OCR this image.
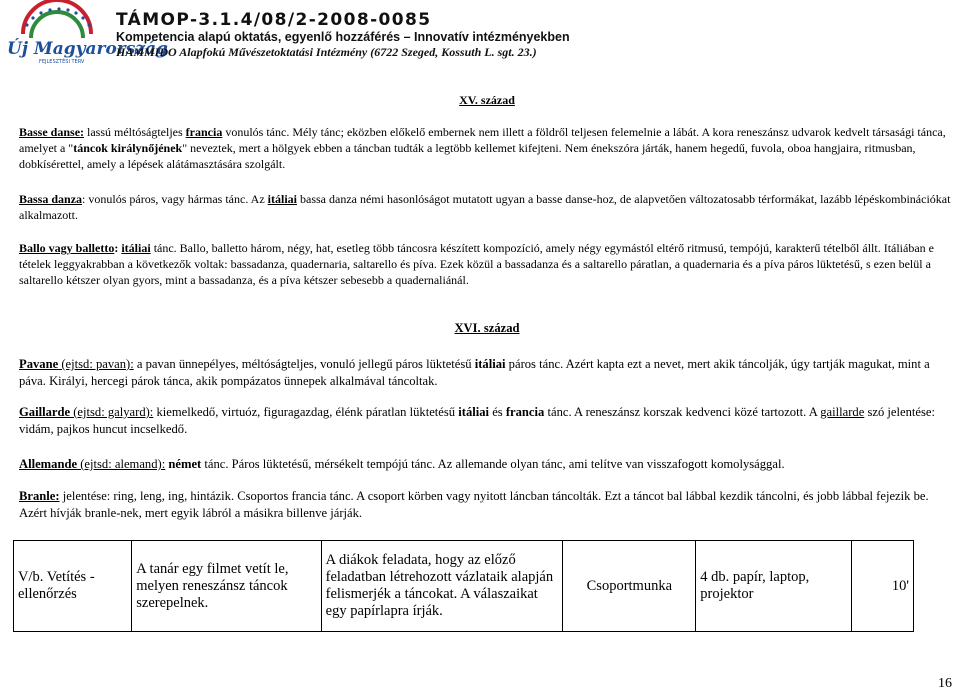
Új Magyarország
FEJLESZTÉSI TERV
TÁMOP-3.1.4/08/2-2008-0085
Kompetencia alapú oktatás, egyenlő hozzáférés – Innovatív intézményekben
HAMMIDO Alapfokú Művészetoktatási Intézmény (6722 Szeged, Kossuth L. sgt. 23.)
XV. század
Basse danse: lassú méltóságteljes francia vonulós tánc. Mély tánc; eközben előkelő embernek nem illett a földről teljesen felemelnie a lábát. A kora reneszánsz udvarok kedvelt társasági tánca, amelyet a "táncok királynőjének" neveztek, mert a hölgyek ebben a táncban tudták a legtöbb kellemet kifejteni. Nem énekszóra járták, hanem hegedű, fuvola, oboa hangjaira, ritmusban, dobkísérettel, amely a lépések alátámasztására szolgált.
Bassa danza: vonulós páros, vagy hármas tánc. Az itáliai bassa danza némi hasonlóságot mutatott ugyan a basse danse-hoz, de alapvetően változatosabb térformákat, lazább lépéskombinációkat alkalmazott.
Ballo vagy balletto: itáliai tánc. Ballo, balletto három, négy, hat, esetleg több táncosra készített kompozíció, amely négy egymástól eltérő ritmusú, tempójú, karakterű tételből állt. Itáliában e tételek leggyakrabban a következők voltak: bassadanza, quadernaria, saltarello és píva. Ezek közül a bassadanza és a saltarello páratlan, a quadernaria és a píva páros lüktetésű, s ezen belül a saltarello kétszer olyan gyors, mint a bassadanza, és a píva kétszer sebesebb a quadernaliánál.
XVI. század
Pavane (ejtsd: pavan): a pavan ünnepélyes, méltóságteljes, vonuló jellegű páros lüktetésű itáliai páros tánc. Azért kapta ezt a nevet, mert akik táncolják, úgy tartják magukat, mint a páva. Királyi, hercegi párok tánca, akik pompázatos ünnepek alkalmával táncoltak.
Gaillarde (ejtsd: galyard): kiemelkedő, virtuóz, figuragazdag, élénk páratlan lüktetésű itáliai és francia tánc. A reneszánsz korszak kedvenci közé tartozott. A gaillarde szó jelentése: vidám, pajkos huncut incselkedő.
Allemande (ejtsd: alemand): német tánc. Páros lüktetésű, mérsékelt tempójú tánc. Az allemande olyan tánc, ami telítve van visszafogott komolysággal.
Branle: jelentése: ring, leng, ing, hintázik. Csoportos francia tánc. A csoport körben vagy nyitott láncban táncolták. Ezt a táncot bal lábbal kezdik táncolni, és jobb lábbal fejezik be. Azért hívják branle-nek, mert egyik lábról a másikra billenve járják.
V/b. Vetítés - ellenőrzés	A tanár egy filmet vetít le, melyen reneszánsz táncok szerepelnek.	A diákok feladata, hogy az előző feladatban létrehozott vázlataik alapján felismerjék a táncokat. A válaszaikat egy papírlapra írják.	Csoportmunka	4 db. papír, laptop, projektor	10'
16
